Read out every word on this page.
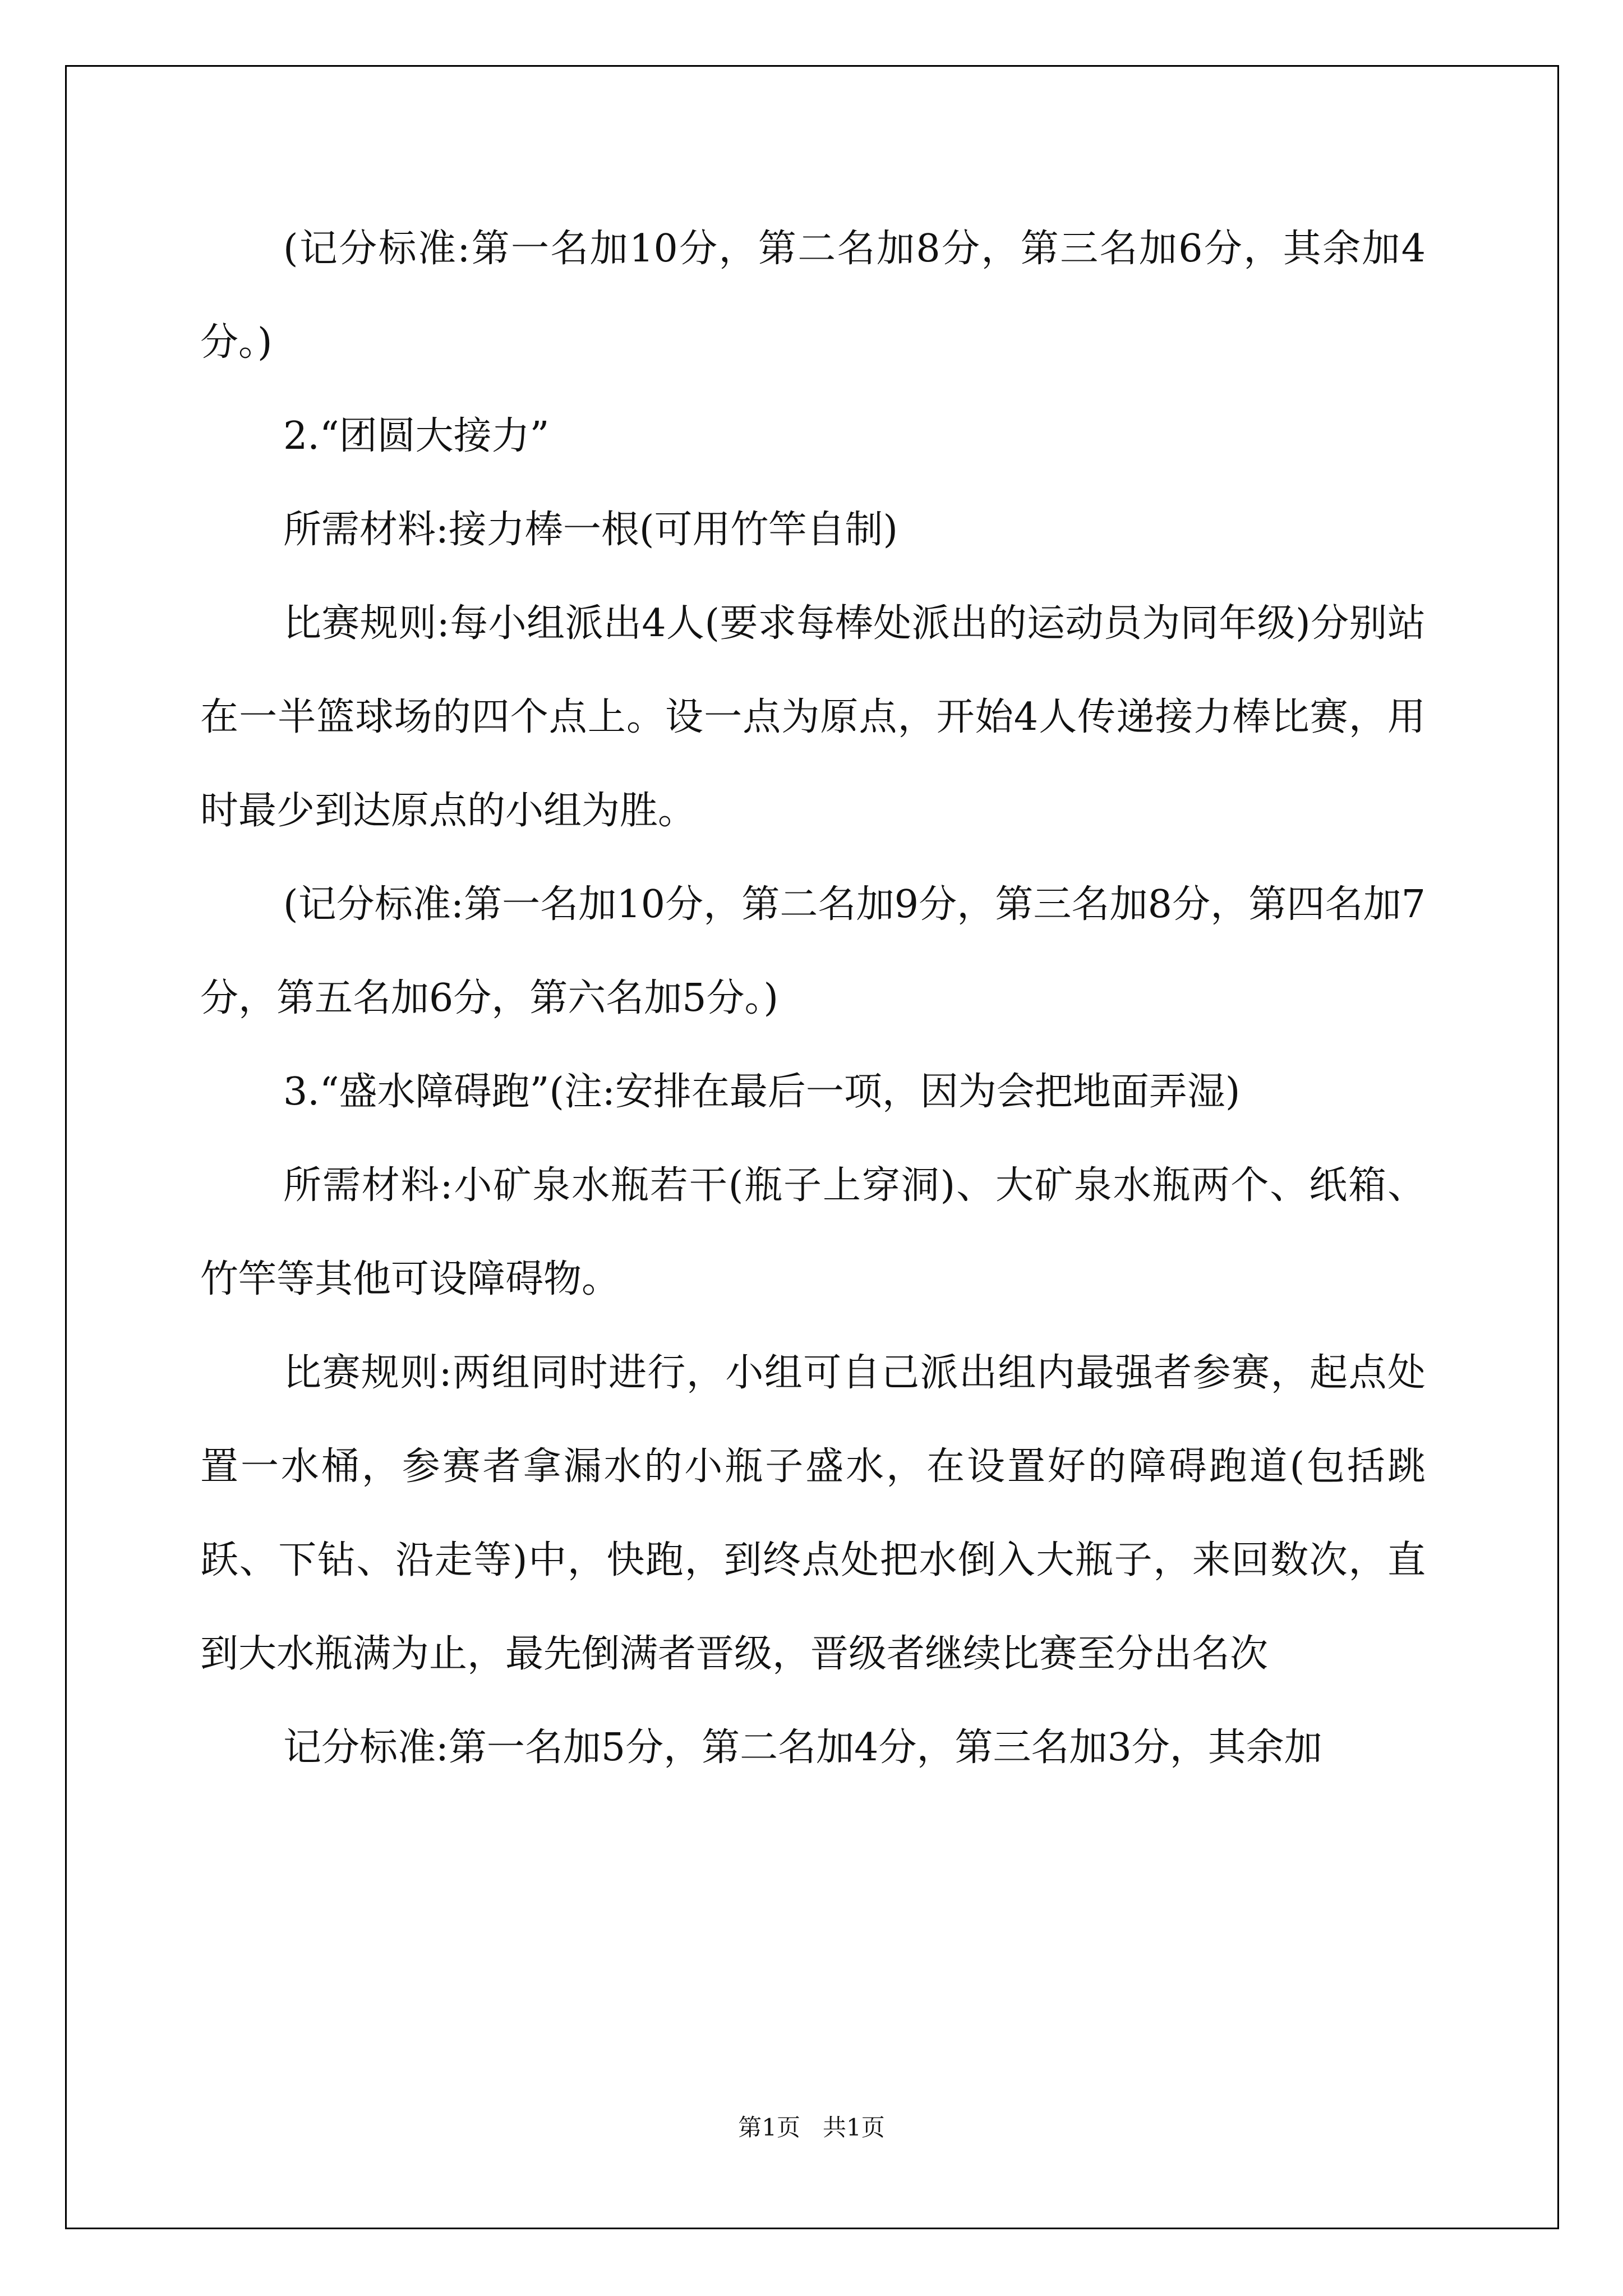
(记分标准:第一名加10分，第二名加8分，第三名加6分，其余加4分。)

2.“团圆大接力”

所需材料:接力棒一根(可用竹竿自制)

比赛规则:每小组派出4人(要求每棒处派出的运动员为同年级)分别站在一半篮球场的四个点上。设一点为原点，开始4人传递接力棒比赛，用时最少到达原点的小组为胜。

(记分标准:第一名加10分，第二名加9分，第三名加8分，第四名加7分，第五名加6分，第六名加5分。)

3.“盛水障碍跑”(注:安排在最后一项，因为会把地面弄湿)

所需材料:小矿泉水瓶若干(瓶子上穿洞)、大矿泉水瓶两个、纸箱、竹竿等其他可设障碍物。

比赛规则:两组同时进行，小组可自己派出组内最强者参赛，起点处置一水桶，参赛者拿漏水的小瓶子盛水，在设置好的障碍跑道(包括跳跃、下钻、沿走等)中，快跑，到终点处把水倒入大瓶子，来回数次，直到大水瓶满为止，最先倒满者晋级，晋级者继续比赛至分出名次

记分标准:第一名加5分，第二名加4分，第三名加3分，其余加

第1页   共1页
